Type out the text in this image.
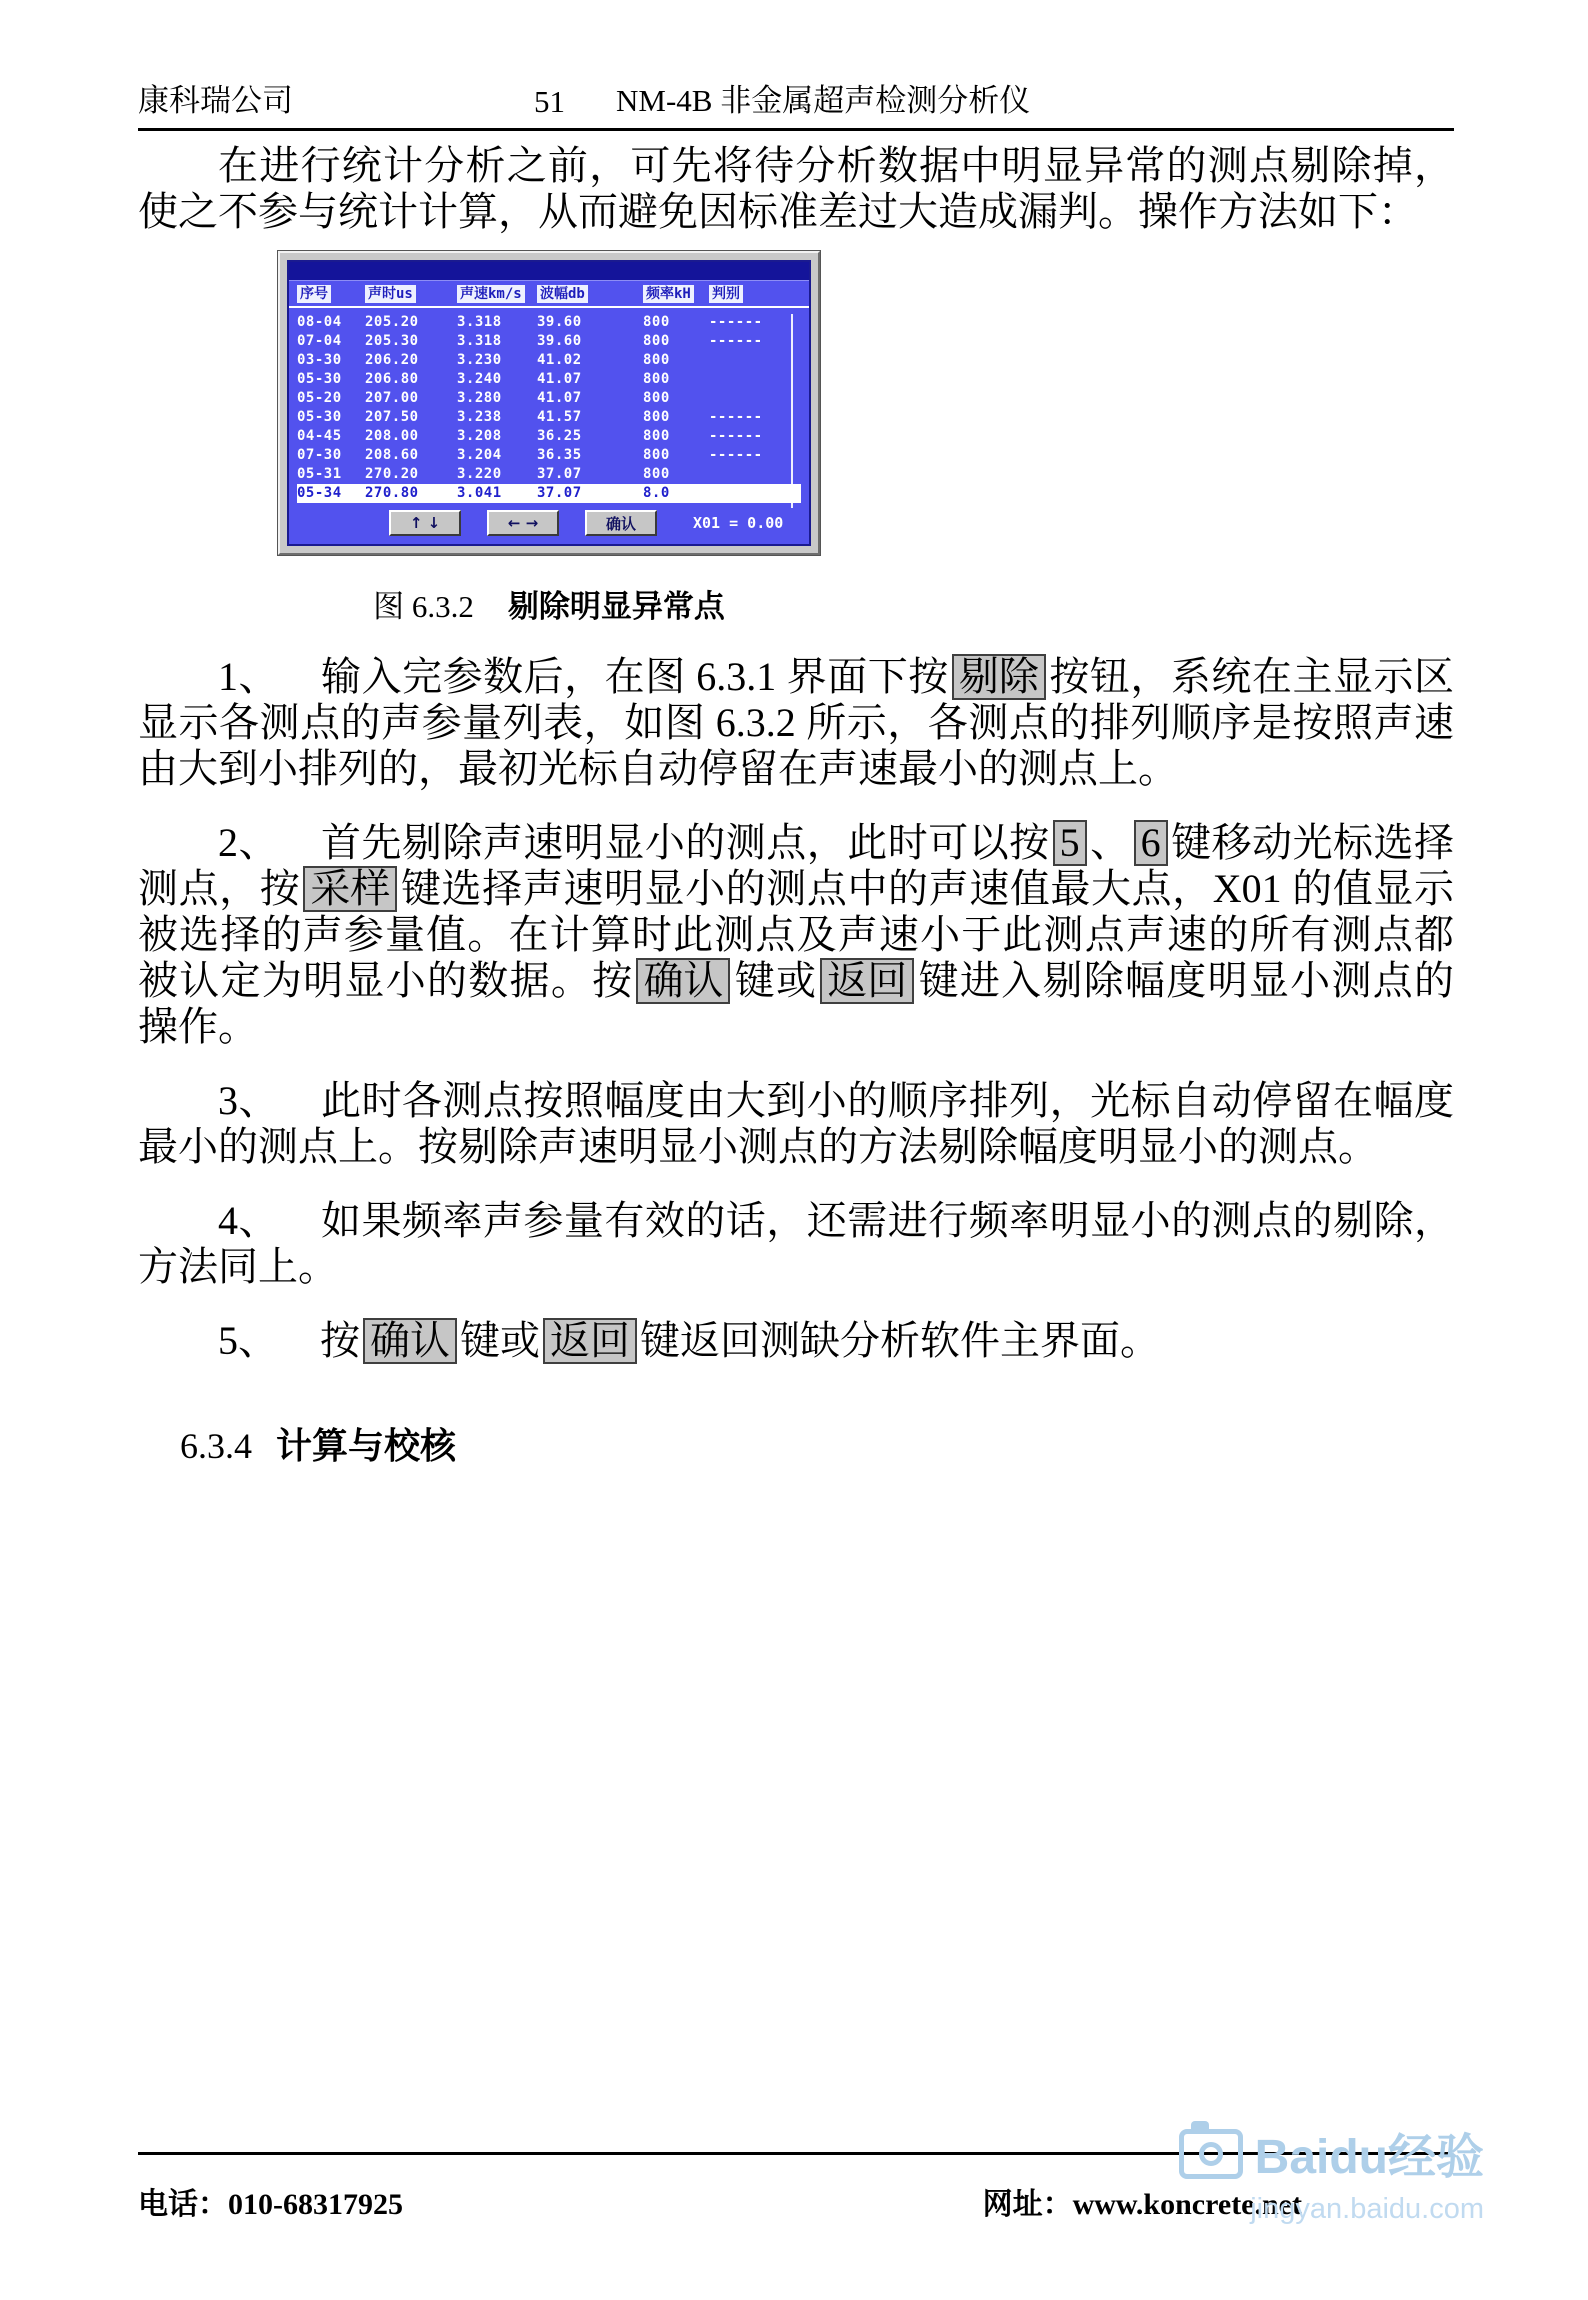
康科瑞公司	51 NM-4B 非金属超声检测分析仪

在进行统计分析之前，可先将待分析数据中明显异常的测点剔除掉，使之不参与统计计算，从而避免因标准差过大造成漏判。操作方法如下：

序号	声时us	声速km/s 波幅db	频率kH 判别
08-04	205.20	3.318	39.60	800	------
07-04	205.30	3.318	39.60	800	------
03-30	206.20	3.230	41.02	800
05-30	206.80	3.240	41.07	800
05-20	207.00	3.280	41.07	800
05-30	207.50	3.238	41.57	800	------
04-45	208.00	3.208	36.25	800	------
07-30	208.60	3.204	36.35	800	------
05-31	270.20	3.220	37.07	800
05-34	270.80	3.041	37.07	8.0
↑ ↓	← →	确认	X01 = 0.00
图 6.3.2 剔除明显异常点

1、 输入完参数后，在图 6.3.1 界面下按 剔除 按钮，系统在主显示区显示各测点的声参量列表，如图 6.3.2 所示，各测点的排列顺序是按照声速由大到小排列的，最初光标自动停留在声速最小的测点上。

2、 首先剔除声速明显小的测点，此时可以按 5 、 6 键移动光标选择测点，按 采样 键选择声速明显小的测点中的声速值最大点，X01 的值显示被选择的声参量值。在计算时此测点及声速小于此测点声速的所有测点都被认定为明显小的数据。按 确认 键或 返回 键进入剔除幅度明显小测点的操作。

3、 此时各测点按照幅度由大到小的顺序排列，光标自动停留在幅度最小的测点上。按剔除声速明显小测点的方法剔除幅度明显小的测点。

4、 如果频率声参量有效的话，还需进行频率明显小的测点的剔除，方法同上。

5、 按 确认 键或 返回 键返回测缺分析软件主界面。

6.3.4 计算与校核
电话：010-68317925	网址：www.koncrete.net
Baidu经验
jingyan.baidu.com
